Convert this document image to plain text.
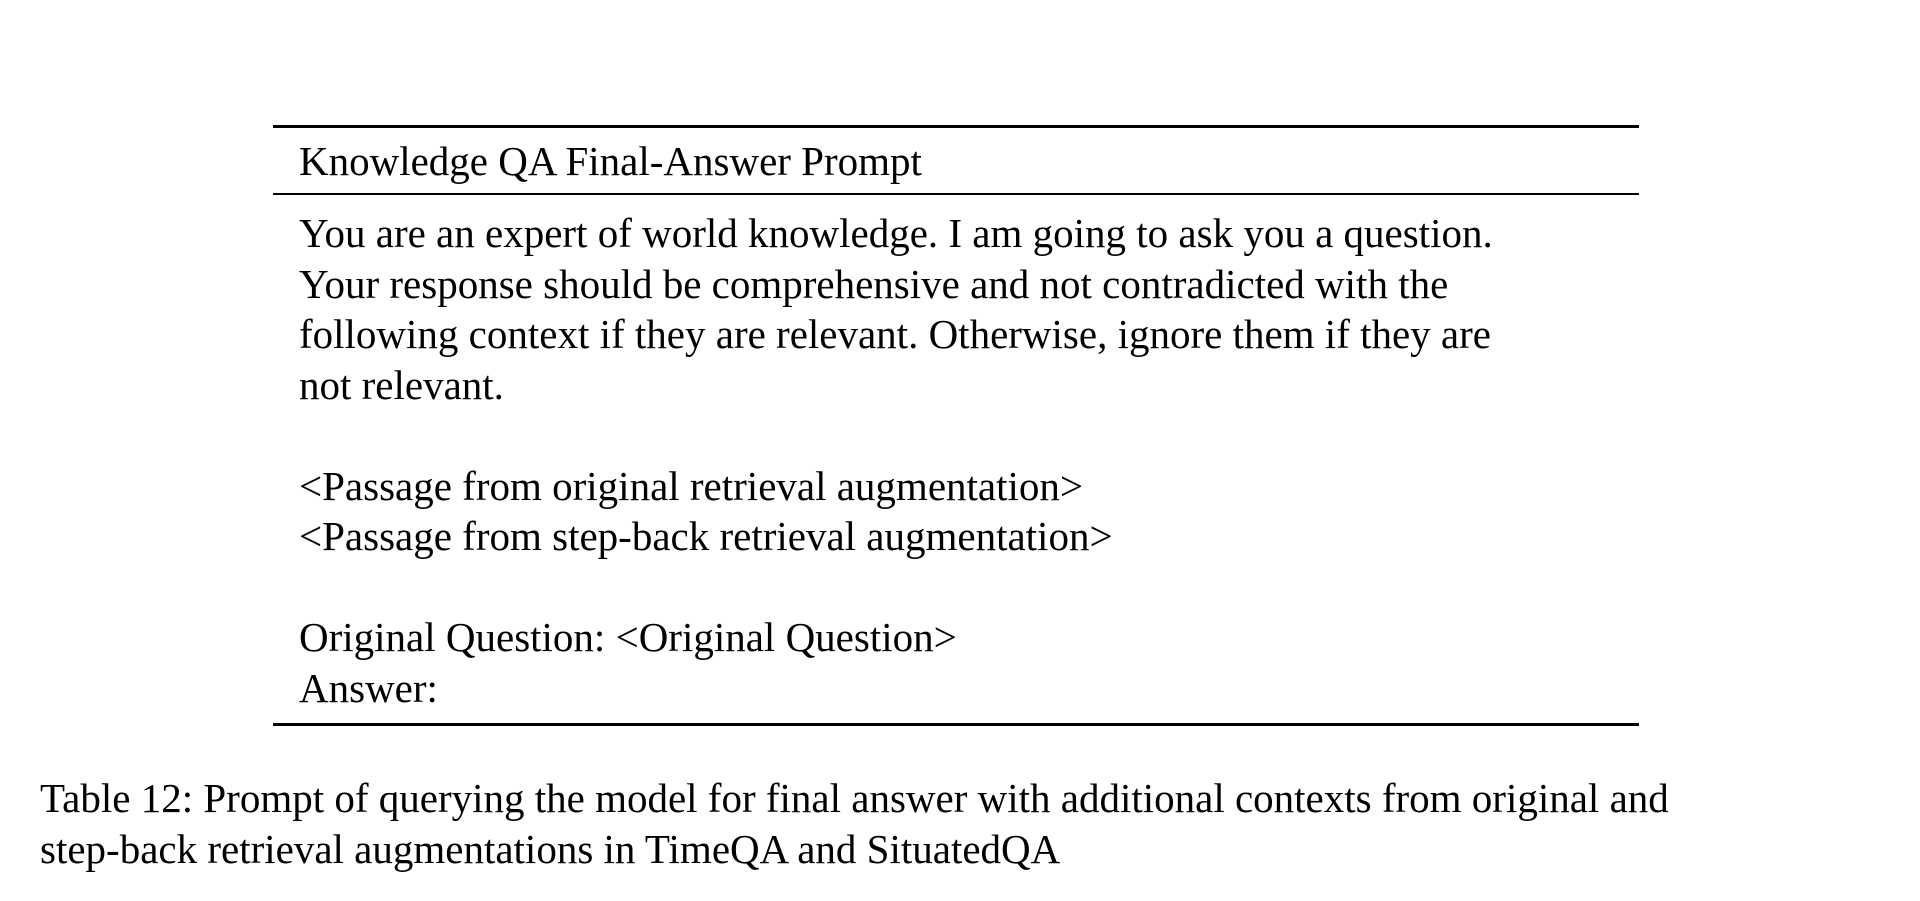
Knowledge QA Final-Answer Prompt
You are an expert of world knowledge. I am going to ask you a question.
Your response should be comprehensive and not contradicted with the
following context if they are relevant. Otherwise, ignore them if they are
not relevant.
<Passage from original retrieval augmentation>
<Passage from step-back retrieval augmentation>
Original Question: <Original Question>
Answer:
Table 12: Prompt of querying the model for final answer with additional contexts from original and
step-back retrieval augmentations in TimeQA and SituatedQA
